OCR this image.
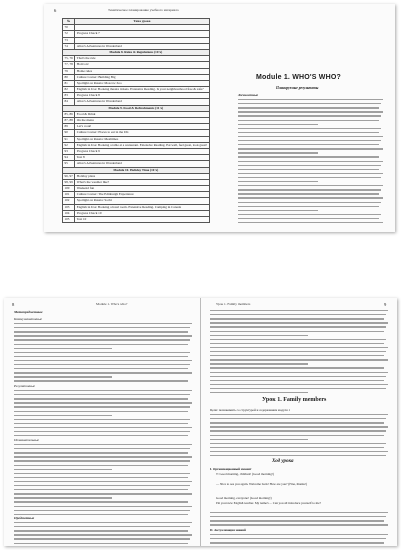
6	Тематическое планирование учебного материала
№	Тема урока
70	
72	Progress Check 7
73	
74	Alice's Adventures in Wonderland
Module 8. Rules & Regulations (10 ч)	
75, 76	That's the rule
77, 78	Hold on!
79	Home rules
80	Culture Corner: Building Big
81	Spotlight on Russia: Moscow Zoo
82	English in Use: Booking theatre tickets. Extensive Reading. Is your neighbourhood free & safe?
83	Progress Check 8
84	Alice's Adventures in Wonderland
Module 9. Food & Refreshments (11 ч)	
85, 86	Food & Drink
87, 88	On the menu
89	Let's cook!
90	Culture Corner: Places to eat in the UK
91	Spotlight on Russia: Mealtimes
92	English in Use: Booking a table at a restaurant. Extensive Reading. Eat well, feel great, look great!
93	Progress Check 9
94	Test 8
95	Alice's Adventures in Wonderland
Module 10. Holiday Time (10 ч)	
96, 97	Holiday plans
98, 99	What's the weather like?
100	Weekend fun
101	Culture Corner: The Edinburgh Experience
102	Spotlight on Russia: Sochi
103	English in Use: Booking a hotel room. Extensive Reading. Camping in Canada
104	Progress Check 10
105	Test 10
Module 1. WHO'S WHO?
Планируемые результаты
Личностные
8	Module 1. Who's who?	Урок 1. Family members	9
Метапредметные
Коммуникативные
Регулятивные
Познавательные
Предметные
Урок 1. Family members
Цели: познакомить со структурой и содержанием модуля 1
Ход урока
I. Организационный момент
T: Good morning, children! (Good morning!)
— Nice to see you again. Welcome back! How are you? (Fine, thanks!)
Good morning, everyone! (Good morning!)
I'm your new English teacher. My name's ... Can you all introduce yourself to me?
II. Актуализация знаний
